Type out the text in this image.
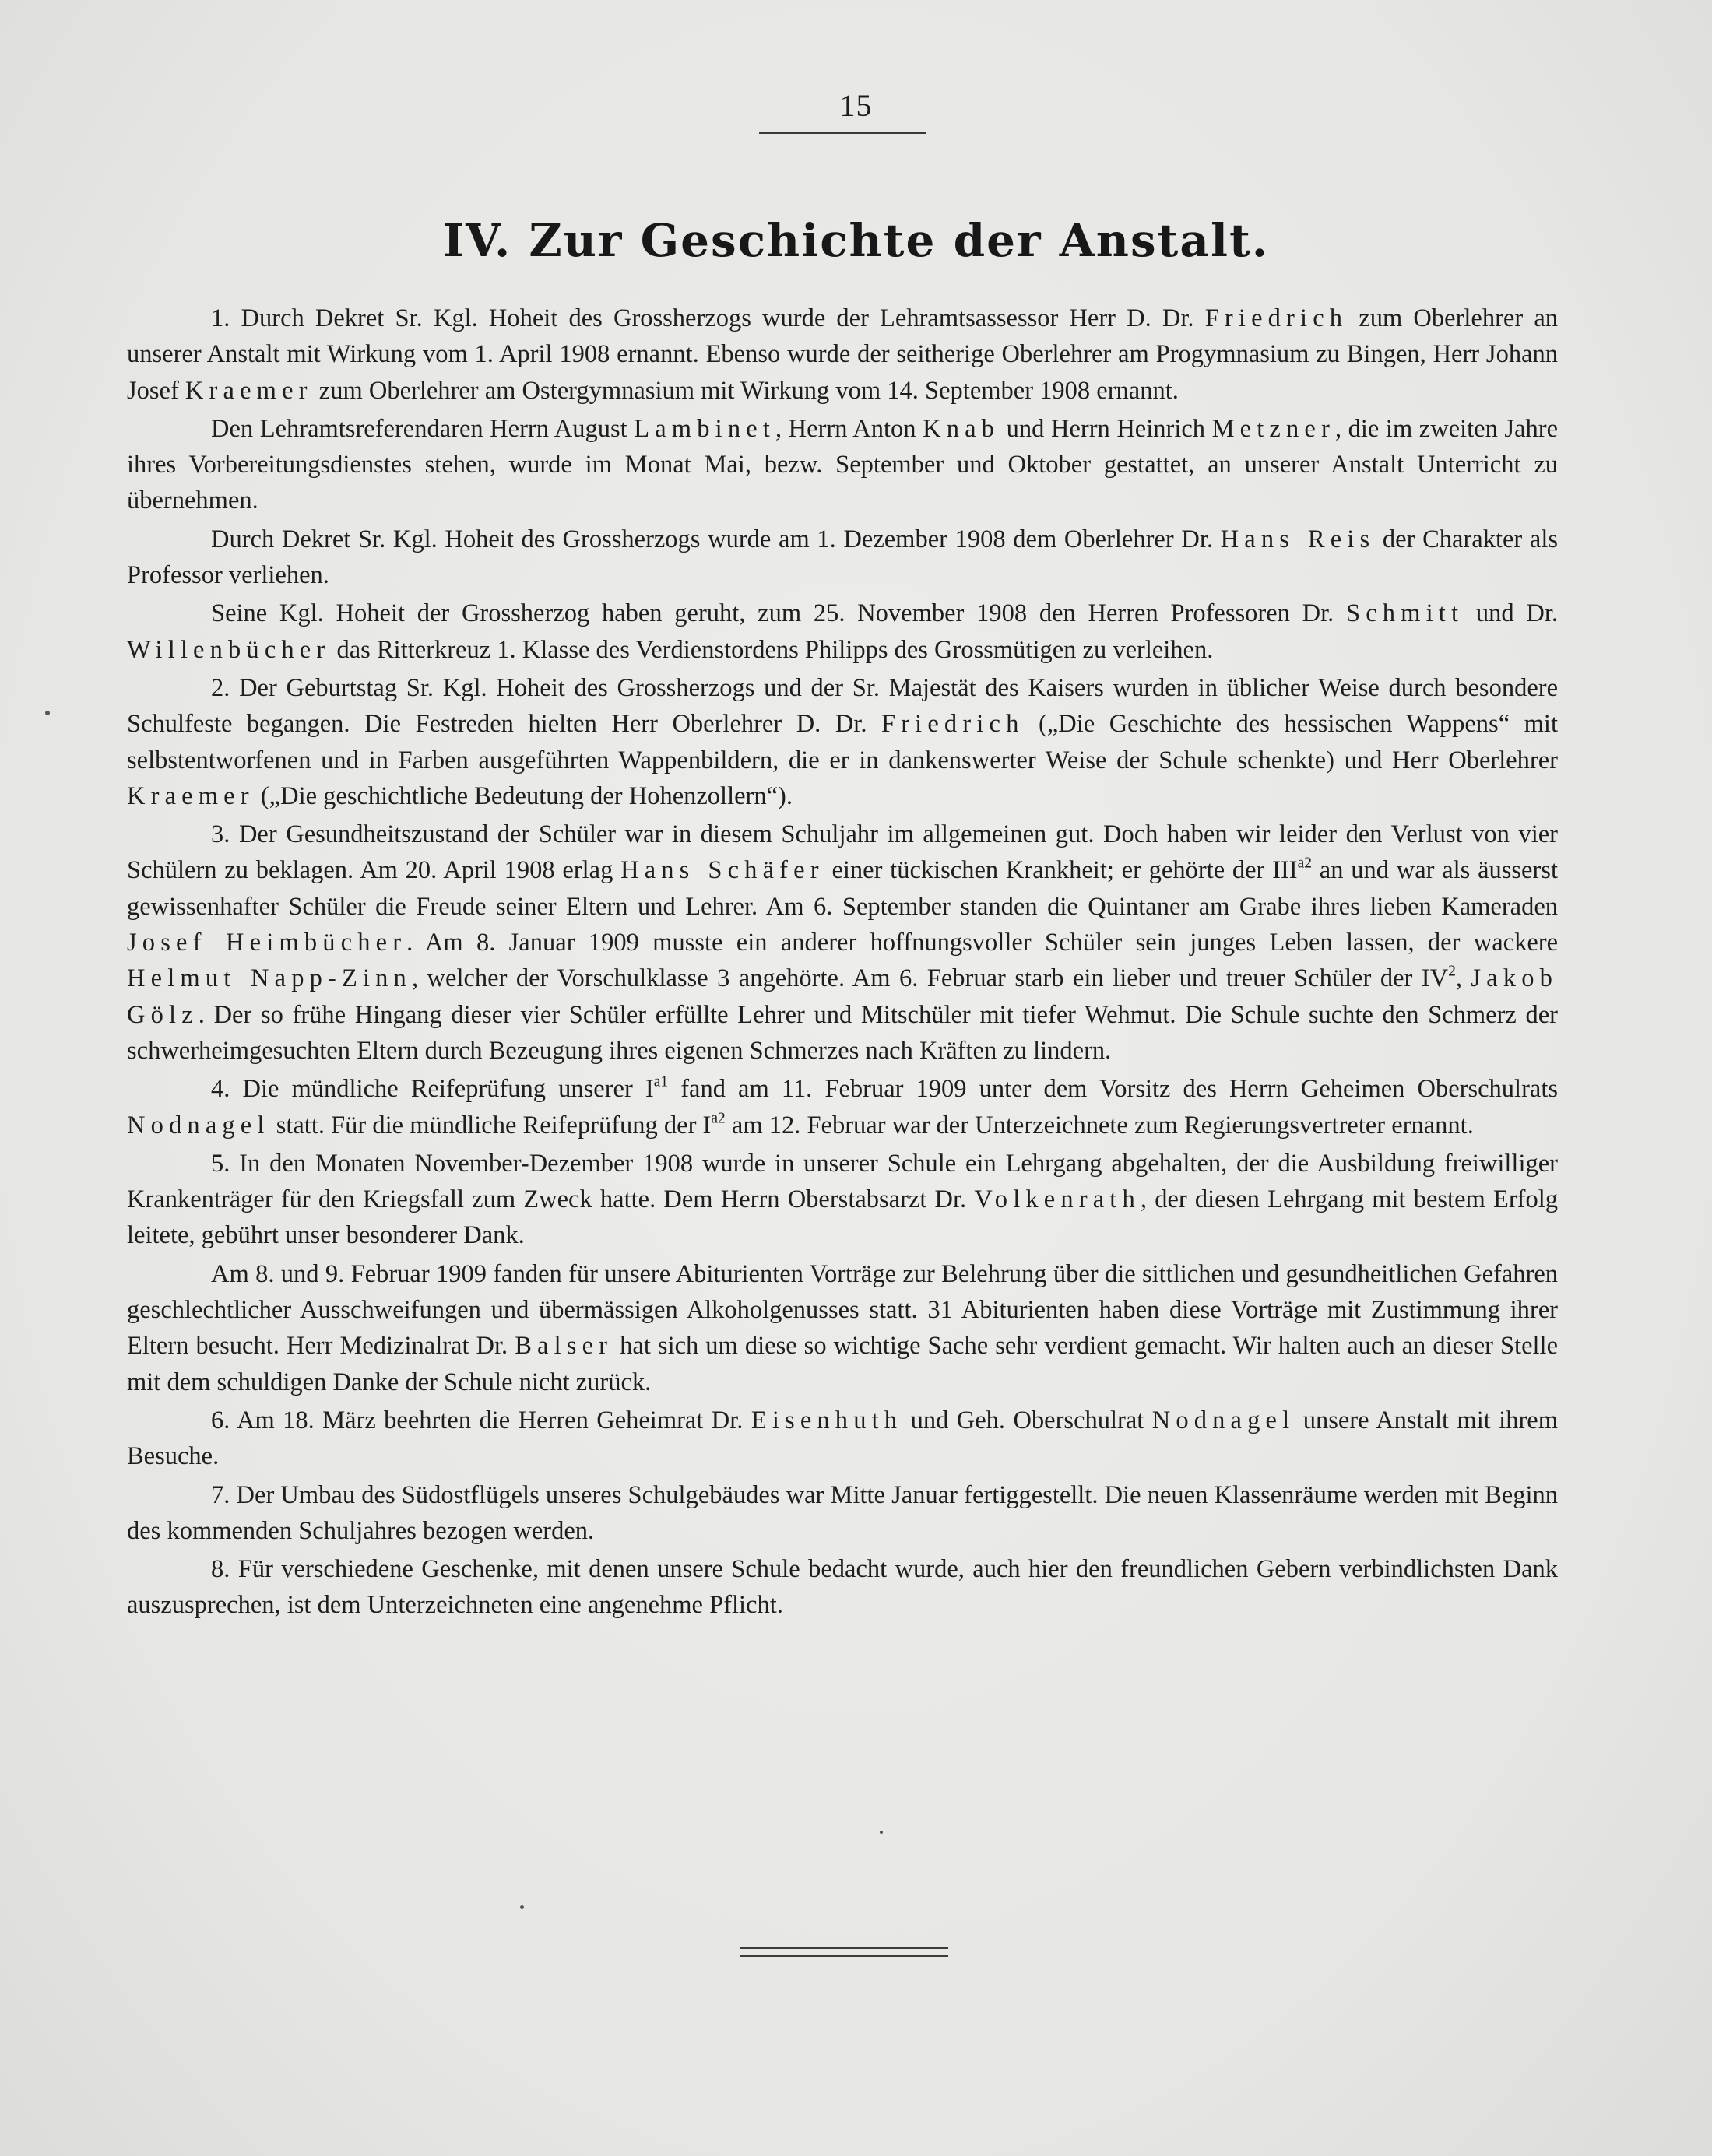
15
IV. Zur Geschichte der Anstalt.

1. Durch Dekret Sr. Kgl. Hoheit des Grossherzogs wurde der Lehramtsassessor Herr D. Dr. Friedrich zum Oberlehrer an unserer Anstalt mit Wirkung vom 1. April 1908 ernannt. Ebenso wurde der seitherige Oberlehrer am Progymnasium zu Bingen, Herr Johann Josef Kraemer zum Oberlehrer am Ostergymnasium mit Wirkung vom 14. September 1908 ernannt.

Den Lehramtsreferendaren Herrn August Lambinet, Herrn Anton Knab und Herrn Heinrich Metzner, die im zweiten Jahre ihres Vorbereitungsdienstes stehen, wurde im Monat Mai, bezw. September und Oktober gestattet, an unserer Anstalt Unterricht zu übernehmen.

Durch Dekret Sr. Kgl. Hoheit des Grossherzogs wurde am 1. Dezember 1908 dem Oberlehrer Dr. Hans Reis der Charakter als Professor verliehen.

Seine Kgl. Hoheit der Grossherzog haben geruht, zum 25. November 1908 den Herren Professoren Dr. Schmitt und Dr. Willenbücher das Ritterkreuz 1. Klasse des Verdienstordens Philipps des Grossmütigen zu verleihen.

2. Der Geburtstag Sr. Kgl. Hoheit des Grossherzogs und der Sr. Majestät des Kaisers wurden in üblicher Weise durch besondere Schulfeste begangen. Die Festreden hielten Herr Oberlehrer D. Dr. Friedrich („Die Geschichte des hessischen Wappens“ mit selbstentworfenen und in Farben ausgeführten Wappenbildern, die er in dankenswerter Weise der Schule schenkte) und Herr Oberlehrer Kraemer („Die geschichtliche Bedeutung der Hohenzollern“).

3. Der Gesundheitszustand der Schüler war in diesem Schuljahr im allgemeinen gut. Doch haben wir leider den Verlust von vier Schülern zu beklagen. Am 20. April 1908 erlag Hans Schäfer einer tückischen Krankheit; er gehörte der $III^{a2}$ an und war als äusserst gewissenhafter Schüler die Freude seiner Eltern und Lehrer. Am 6. September standen die Quintaner am Grabe ihres lieben Kameraden Josef Heimbücher. Am 8. Januar 1909 musste ein anderer hoffnungsvoller Schüler sein junges Leben lassen, der wackere Helmut Napp-Zinn, welcher der Vorschulklasse 3 angehörte. Am 6. Februar starb ein lieber und treuer Schüler der $IV^2$, Jakob Gölz. Der so frühe Hingang dieser vier Schüler erfüllte Lehrer und Mitschüler mit tiefer Wehmut. Die Schule suchte den Schmerz der schwerheimgesuchten Eltern durch Bezeugung ihres eigenen Schmerzes nach Kräften zu lindern.

4. Die mündliche Reifeprüfung unserer $I^{a1}$ fand am 11. Februar 1909 unter dem Vorsitz des Herrn Geheimen Oberschulrats Nodnagel statt. Für die mündliche Reifeprüfung der $I^{a2}$ am 12. Februar war der Unterzeichnete zum Regierungsvertreter ernannt.

5. In den Monaten November-Dezember 1908 wurde in unserer Schule ein Lehrgang abgehalten, der die Ausbildung freiwilliger Krankenträger für den Kriegsfall zum Zweck hatte. Dem Herrn Oberstabsarzt Dr. Volkenrath, der diesen Lehrgang mit bestem Erfolg leitete, gebührt unser besonderer Dank.

Am 8. und 9. Februar 1909 fanden für unsere Abiturienten Vorträge zur Belehrung über die sittlichen und gesundheitlichen Gefahren geschlechtlicher Ausschweifungen und übermässigen Alkoholgenusses statt. 31 Abiturienten haben diese Vorträge mit Zustimmung ihrer Eltern besucht. Herr Medizinalrat Dr. Balser hat sich um diese so wichtige Sache sehr verdient gemacht. Wir halten auch an dieser Stelle mit dem schuldigen Danke der Schule nicht zurück.

6. Am 18. März beehrten die Herren Geheimrat Dr. Eisenhuth und Geh. Oberschulrat Nodnagel unsere Anstalt mit ihrem Besuche.

7. Der Umbau des Südostflügels unseres Schulgebäudes war Mitte Januar fertiggestellt. Die neuen Klassenräume werden mit Beginn des kommenden Schuljahres bezogen werden.

8. Für verschiedene Geschenke, mit denen unsere Schule bedacht wurde, auch hier den freundlichen Gebern verbindlichsten Dank auszusprechen, ist dem Unterzeichneten eine angenehme Pflicht.
